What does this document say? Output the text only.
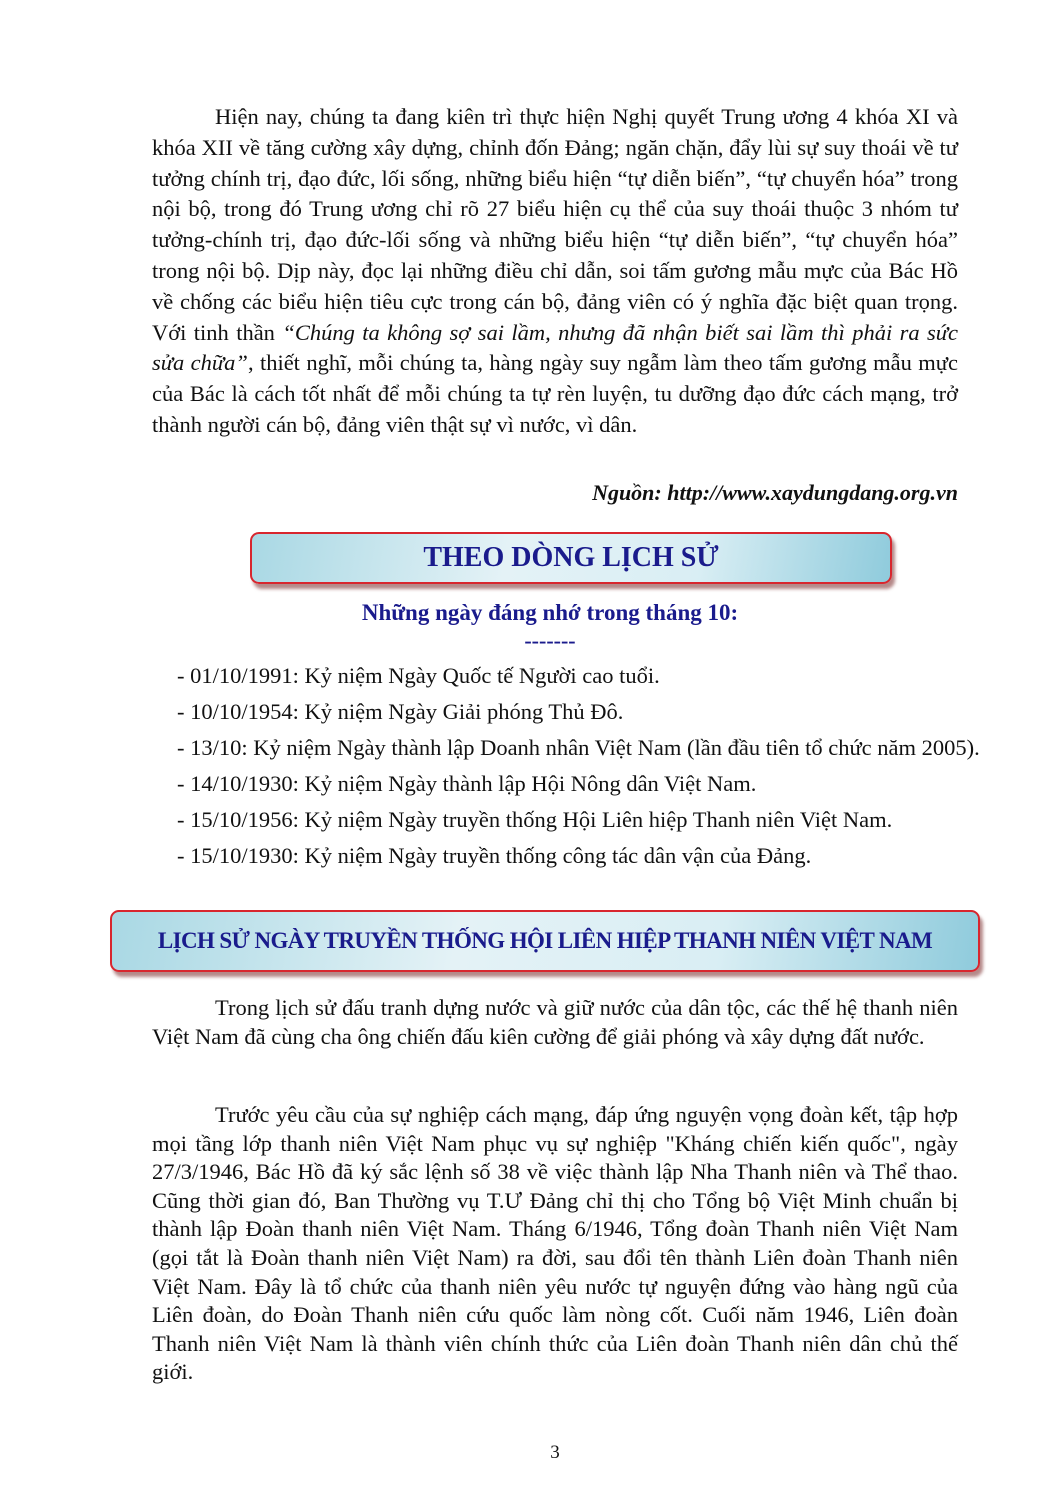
Hiện nay, chúng ta đang kiên trì thực hiện Nghị quyết Trung ương 4 khóa XI và khóa XII về tăng cường xây dựng, chỉnh đốn Đảng; ngăn chặn, đẩy lùi sự suy thoái về tư tưởng chính trị, đạo đức, lối sống, những biểu hiện “tự diễn biến”, “tự chuyển hóa” trong nội bộ, trong đó Trung ương chỉ rõ 27 biểu hiện cụ thể của suy thoái thuộc 3 nhóm tư tưởng-chính trị, đạo đức-lối sống và những biểu hiện “tự diễn biến”, “tự chuyển hóa” trong nội bộ. Dịp này, đọc lại những điều chỉ dẫn, soi tấm gương mẫu mực của Bác Hồ về chống các biểu hiện tiêu cực trong cán bộ, đảng viên có ý nghĩa đặc biệt quan trọng. Với tinh thần “Chúng ta không sợ sai lầm, nhưng đã nhận biết sai lầm thì phải ra sức sửa chữa”, thiết nghĩ, mỗi chúng ta, hàng ngày suy ngẫm làm theo tấm gương mẫu mực của Bác là cách tốt nhất để mỗi chúng ta tự rèn luyện, tu dưỡng đạo đức cách mạng, trở thành người cán bộ, đảng viên thật sự vì nước, vì dân.

Nguồn: http://www.xaydungdang.org.vn
THEO DÒNG LỊCH SỬ
Những ngày đáng nhớ trong tháng 10:
-------
- 01/10/1991: Kỷ niệm Ngày Quốc tế Người cao tuổi.
- 10/10/1954: Kỷ niệm Ngày Giải phóng Thủ Đô.
- 13/10: Kỷ niệm Ngày thành lập Doanh nhân Việt Nam (lần đầu tiên tổ chức năm 2005).
- 14/10/1930: Kỷ niệm Ngày thành lập Hội Nông dân Việt Nam.
- 15/10/1956: Kỷ niệm Ngày truyền thống Hội Liên hiệp Thanh niên Việt Nam.
- 15/10/1930: Kỷ niệm Ngày truyền thống công tác dân vận của Đảng.
LỊCH SỬ NGÀY TRUYỀN THỐNG HỘI LIÊN HIỆP THANH NIÊN VIỆT NAM

Trong lịch sử đấu tranh dựng nước và giữ nước của dân tộc, các thế hệ thanh niên Việt Nam đã cùng cha ông chiến đấu kiên cường để giải phóng và xây dựng đất nước.

Trước yêu cầu của sự nghiệp cách mạng, đáp ứng nguyện vọng đoàn kết, tập hợp mọi tầng lớp thanh niên Việt Nam phục vụ sự nghiệp "Kháng chiến kiến quốc", ngày 27/3/1946, Bác Hồ đã ký sắc lệnh số 38 về việc thành lập Nha Thanh niên và Thể thao. Cũng thời gian đó, Ban Thường vụ T.Ư Đảng chỉ thị cho Tổng bộ Việt Minh chuẩn bị thành lập Đoàn thanh niên Việt Nam. Tháng 6/1946, Tổng đoàn Thanh niên Việt Nam (gọi tắt là Đoàn thanh niên Việt Nam) ra đời, sau đổi tên thành Liên đoàn Thanh niên Việt Nam. Đây là tổ chức của thanh niên yêu nước tự nguyện đứng vào hàng ngũ của Liên đoàn, do Đoàn Thanh niên cứu quốc làm nòng cốt. Cuối năm 1946, Liên đoàn Thanh niên Việt Nam là thành viên chính thức của Liên đoàn Thanh niên dân chủ thế giới.

3
